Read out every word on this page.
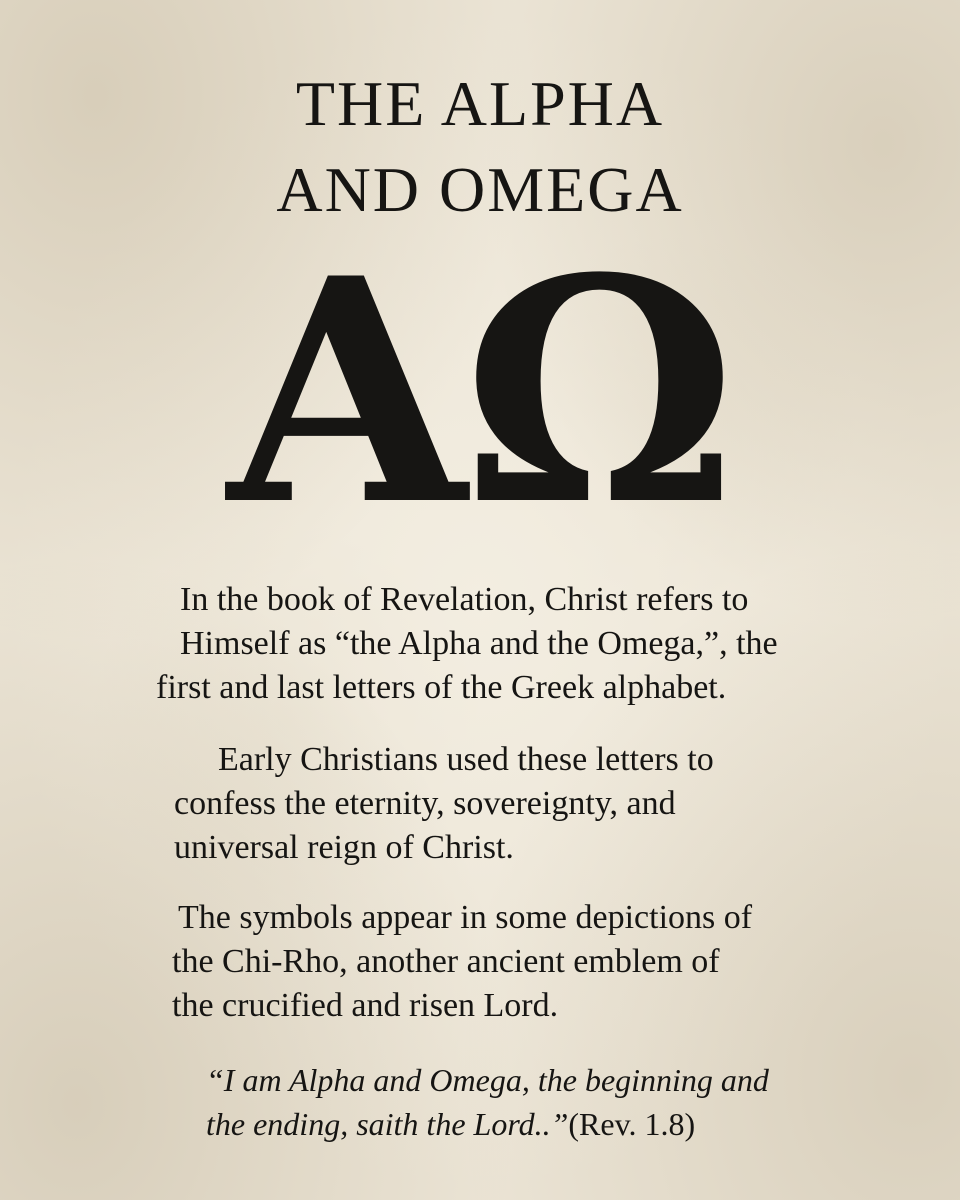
THE ALPHA
AND OMEGA
AΩ

In the book of Revelation, Christ refers to
Himself as “the Alpha and the Omega,”, the
first and last letters of the Greek alphabet.

Early Christians used these letters to
confess the eternity, sovereignty, and
universal reign of Christ.

The symbols appear in some depictions of
the Chi-Rho, another ancient emblem of
the crucified and risen Lord.

“I am Alpha and Omega, the beginning and
the ending, saith the Lord..”(Rev. 1.8)
